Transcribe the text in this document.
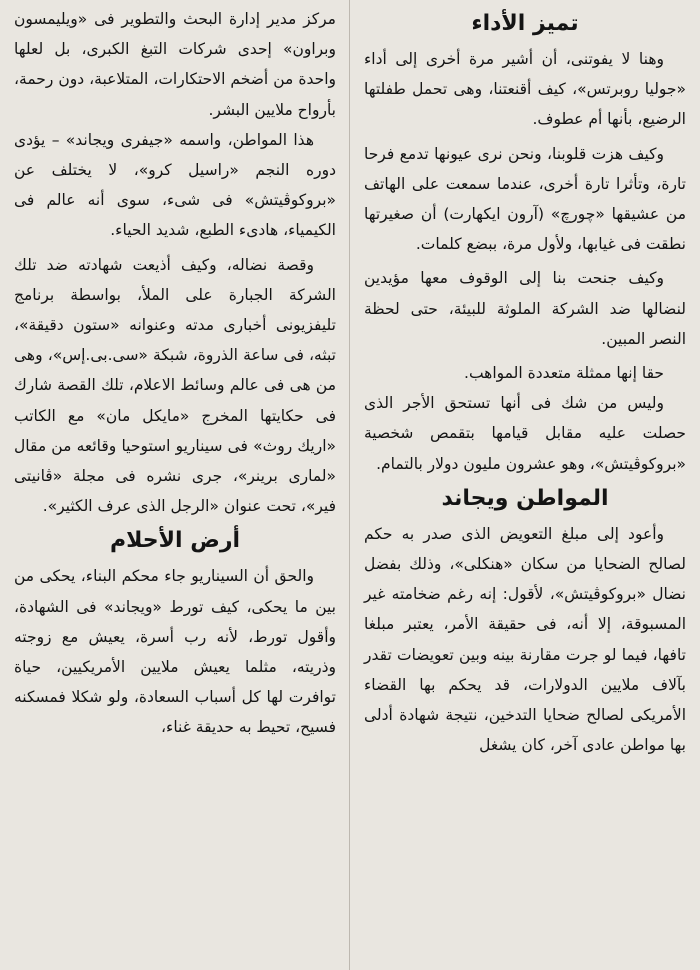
تميز الأداء

وهنا لا يفوتنى، أن أشير مرة أخرى إلى أداء «جوليا روبرتس»، كيف أقنعتنا، وهى تحمل طفلتها الرضيع، بأنها أم عطوف.

وكيف هزت قلوبنا، ونحن نرى عيونها تدمع فرحا تارة، وتأثرا تارة أخرى، عندما سمعت على الهاتف من عشيقها «چورچ» (آرون ايكهارت) أن صغيرتها نطقت فى غيابها، ولأول مرة، ببضع كلمات.

وكيف جنحت بنا إلى الوقوف معها مؤيدين لنضالها ضد الشركة الملوثة للبيئة، حتى لحظة النصر المبين.

حقا إنها ممثلة متعددة المواهب.

وليس من شك فى أنها تستحق الأجر الذى حصلت عليه مقابل قيامها بتقمص شخصية «بروكوڤيتش»، وهو عشرون مليون دولار بالتمام.

المواطن ويجاند

وأعود إلى مبلغ التعويض الذى صدر به حكم لصالح الضحايا من سكان «هنكلى»، وذلك بفضل نضال «بروكوڤيتش»، لأقول: إنه رغم ضخامته غير المسبوقة، إلا أنه، فى حقيقة الأمر، يعتبر مبلغا تافها، فيما لو جرت مقارنة بينه وبين تعويضات تقدر بآلاف ملايين الدولارات، قد يحكم بها القضاء الأمريكى لصالح ضحايا التدخين، نتيجة شهادة أدلى بها مواطن عادى آخر، كان يشغل

مركز مدير إدارة البحث والتطوير فى «ويليمسون وبراون» إحدى شركات التبغ الكبرى، بل لعلها واحدة من أضخم الاحتكارات، المتلاعبة، دون رحمة، بأرواح ملايين البشر.

هذا المواطن، واسمه «جيفرى ويجاند» – يؤدى دوره النجم «راسيل كرو»، لا يختلف عن «بروكوڤيتش» فى شىء، سوى أنه عالم فى الكيمياء، هادىء الطبع، شديد الحياء.

وقصة نضاله، وكيف أذيعت شهادته ضد تلك الشركة الجبارة على الملأ، بواسطة برنامج تليفزيونى أخبارى مدته وعنوانه «ستون دقيقة»، تبثه، فى ساعة الذروة، شبكة «سى.بى.إس»، وهى من هى فى عالم وسائط الاعلام، تلك القصة شارك فى حكايتها المخرج «مايكل مان» مع الكاتب «اريك روث» فى سيناريو استوحيا وقائعه من مقال «لمارى برينر»، جرى نشره فى مجلة «ڤانيتى فير»، تحت عنوان «الرجل الذى عرف الكثير».

أرض الأحلام

والحق أن السيناريو جاء محكم البناء، يحكى من بين ما يحكى، كيف تورط «ويجاند» فى الشهادة، وأقول تورط، لأنه رب أسرة، يعيش مع زوجته وذريته، مثلما يعيش ملايين الأمريكيين، حياة توافرت لها كل أسباب السعادة، ولو شكلا فمسكنه فسيح، تحيط به حديقة غناء،
